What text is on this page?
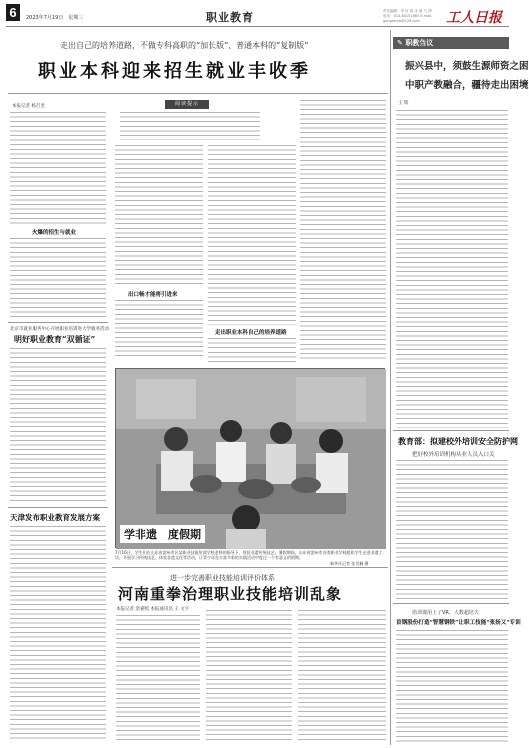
6	2023年7月19日　星期三	职业教育	责任编辑：李 轩 郭 冰 夏 马 朔
电话：010-84151665 E-mail: gongrenrb@126.com	工人日报
走出自己的培养道路，不做专科高职的“加长版”、普通本科的“复制版”
职业本科迎来招生就业丰收季
本报记者 杨召奎
火爆的招生与就业
阅读提示
出口畅才能将引进来
走出职业本科自己的培养道路
北京市就业服务中心开展职业培训进大学服务活动
明好职业教育“双循证”
天津发布职业教育发展方案
学非遗　度假期
7月16日，学生们在山东省滨州市区某职业技能培训学校老师的指导下，体验非遗传统技艺。暑假期间，山东省滨州市各类职业学校组织学生走进非遗工坊，开展学习传统技艺、体验非遗文化等活动，让青少年在丰富多彩的实践活动中度过一个有意义的假期。
新华社记者 张昊桐 摄
进一步完善职业技能培训评价体系
河南重拳治理职业技能培训乱象
本报记者 余嘉熙 本报通讯员 王 文宇
✎ 职教刍议
振兴县中，须鼓生源师资之困
中职产教融合，疆待走出困境
王 辉
教育部：拟建校外培训安全防护网
把好校外培训机构从业人员入口关
培训课用上了VR、人数超培夫
首钢股份打造“智慧钢铁”让职工技能“张扬又”专训
